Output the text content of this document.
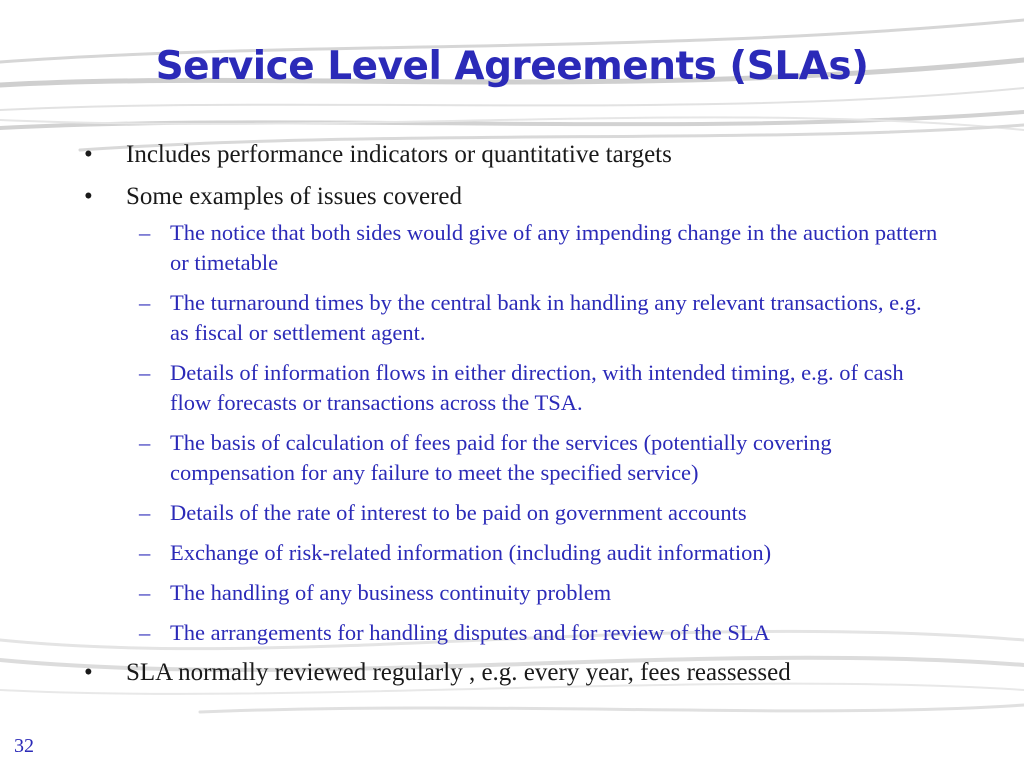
Service Level Agreements (SLAs)
• Includes performance indicators or quantitative targets
• Some examples of issues covered
– The notice that both sides would give of any impending change in the auction pattern or timetable
– The turnaround times by the central bank in handling any relevant transactions, e.g. as fiscal or settlement agent.
– Details of information flows in either direction, with intended timing, e.g. of cash flow forecasts or transactions across the TSA.
– The basis of calculation of fees paid for the services (potentially covering compensation for any failure to meet the specified service)
– Details of the rate of interest to be paid on government accounts
– Exchange of risk-related information (including audit information)
– The handling of any business continuity problem
– The arrangements for handling disputes and for review of the SLA
• SLA normally reviewed regularly , e.g. every year, fees reassessed
32
